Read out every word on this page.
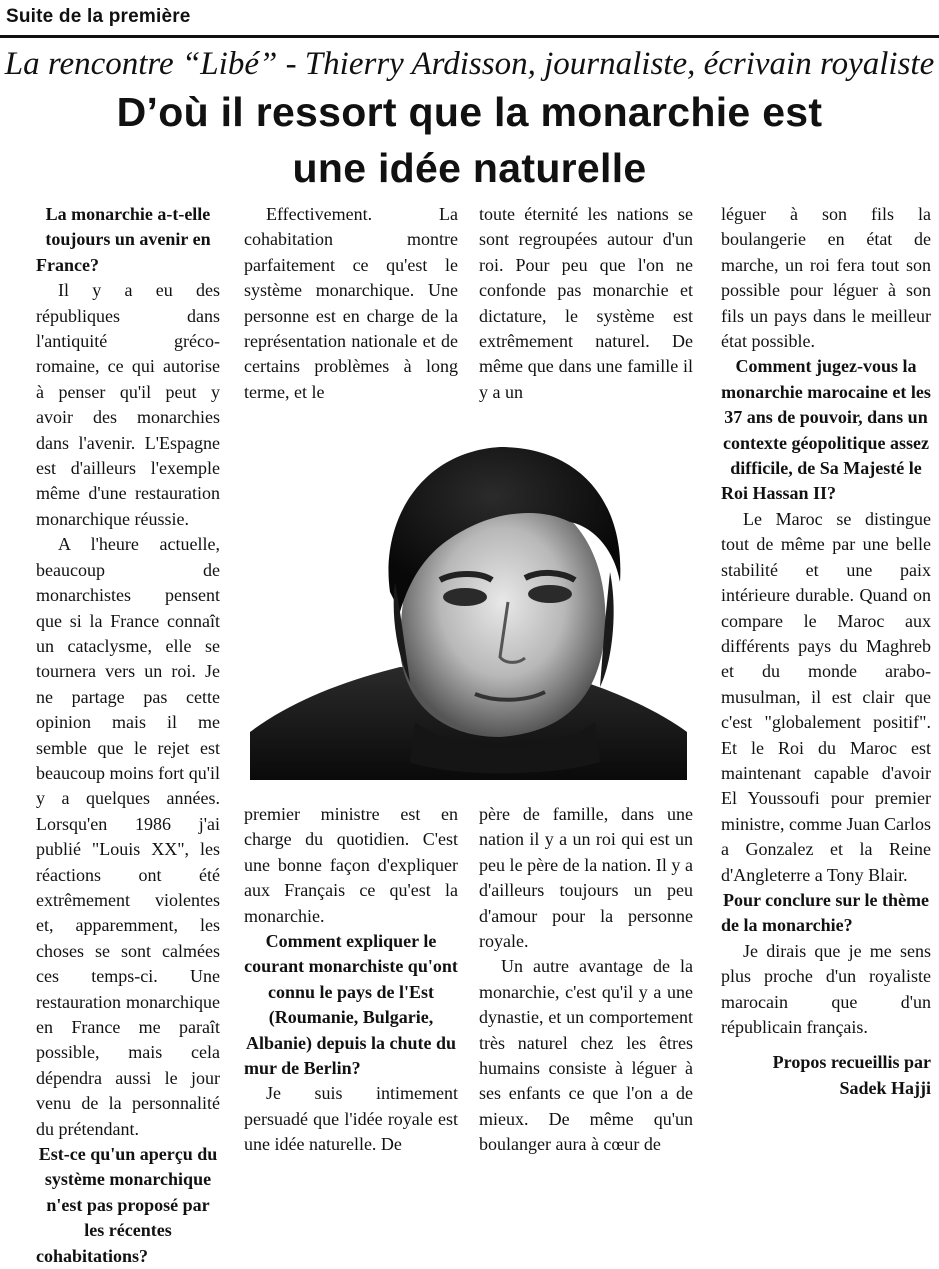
Suite de la première
La rencontre “Libé” - Thierry Ardisson, journaliste, écrivain royaliste
D’où il ressort que la monarchie est
une idée naturelle

La monarchie a-t-elle toujours un avenir en France?

Il y a eu des républiques dans l'antiquité gréco-romaine, ce qui autorise à penser qu'il peut y avoir des monarchies dans l'avenir. L'Espagne est d'ailleurs l'exemple même d'une restauration monarchique réussie.

A l'heure actuelle, beaucoup de monarchistes pensent que si la France connaît un cataclysme, elle se tournera vers un roi. Je ne partage pas cette opinion mais il me semble que le rejet est beaucoup moins fort qu'il y a quelques années. Lorsqu'en 1986 j'ai publié "Louis XX", les réactions ont été extrêmement violentes et, apparemment, les choses se sont calmées ces temps-ci. Une restauration monarchique en France me paraît possible, mais cela dépendra aussi le jour venu de la personnalité du prétendant.

Est-ce qu'un aperçu du système monarchique n'est pas proposé par les récentes cohabitations?

Effectivement. La cohabitation montre parfaitement ce qu'est le système monarchique. Une personne est en charge de la représentation nationale et de certains problèmes à long terme, et le

toute éternité les nations se sont regroupées autour d'un roi. Pour peu que l'on ne confonde pas monarchie et dictature, le système est extrêmement naturel. De même que dans une famille il y a un

premier ministre est en charge du quotidien. C'est une bonne façon d'expliquer aux Français ce qu'est la monarchie.

Comment expliquer le courant monarchiste qu'ont connu le pays de l'Est (Roumanie, Bulgarie, Albanie) depuis la chute du mur de Berlin?

Je suis intimement persuadé que l'idée royale est une idée naturelle. De

père de famille, dans une nation il y a un roi qui est un peu le père de la nation. Il y a d'ailleurs toujours un peu d'amour pour la personne royale.

Un autre avantage de la monarchie, c'est qu'il y a une dynastie, et un comportement très naturel chez les êtres humains consiste à léguer à ses enfants ce que l'on a de mieux. De même qu'un boulanger aura à cœur de

léguer à son fils la boulangerie en état de marche, un roi fera tout son possible pour léguer à son fils un pays dans le meilleur état possible.

Comment jugez-vous la monarchie marocaine et les 37 ans de pouvoir, dans un contexte géopolitique assez difficile, de Sa Majesté le Roi Hassan II?

Le Maroc se distingue tout de même par une belle stabilité et une paix intérieure durable. Quand on compare le Maroc aux différents pays du Maghreb et du monde arabo-musulman, il est clair que c'est "globalement positif". Et le Roi du Maroc est maintenant capable d'avoir El Youssoufi pour premier ministre, comme Juan Carlos a Gonzalez et la Reine d'Angleterre a Tony Blair.

Pour conclure sur le thème de la monarchie?

Je dirais que je me sens plus proche d'un royaliste marocain que d'un républicain français.

Propos recueillis par
Sadek Hajji
